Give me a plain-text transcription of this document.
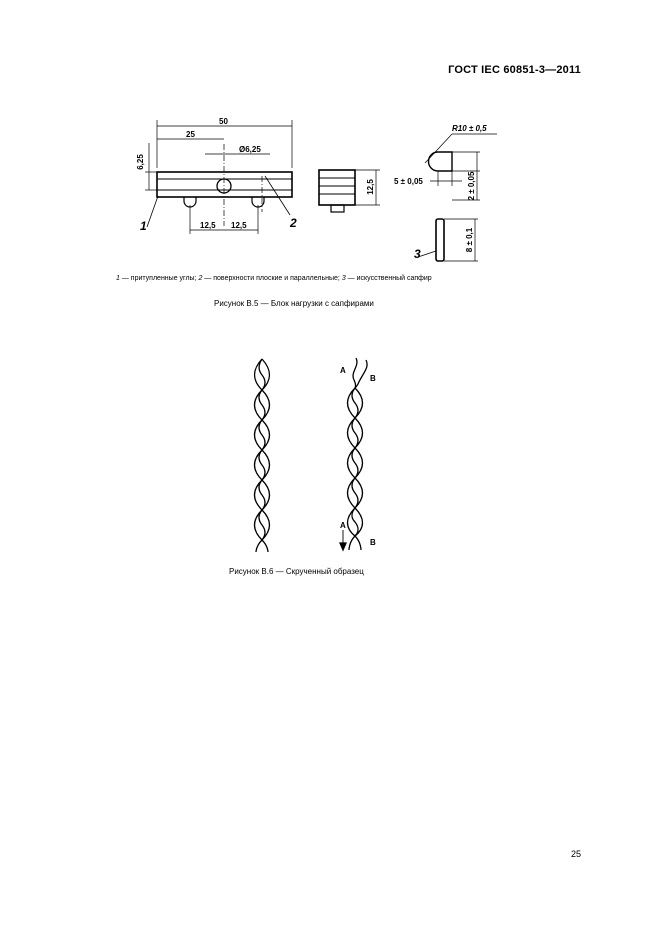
ГОСТ IEC 60851-3—2011
50
25
Ø6,25
6,25
12,5 12,5
12,5
R10 ± 0,5
5 ± 0,05	2 ± 0,05
8 ± 0,1
1	2
3
A
B
A
B
1 — притупленные углы; 2 — поверхности плоские и параллельные; 3 — искусственный сапфир
Рисунок В.5 — Блок нагрузки с сапфирами
Рисунок В.6 — Скрученный образец
25
